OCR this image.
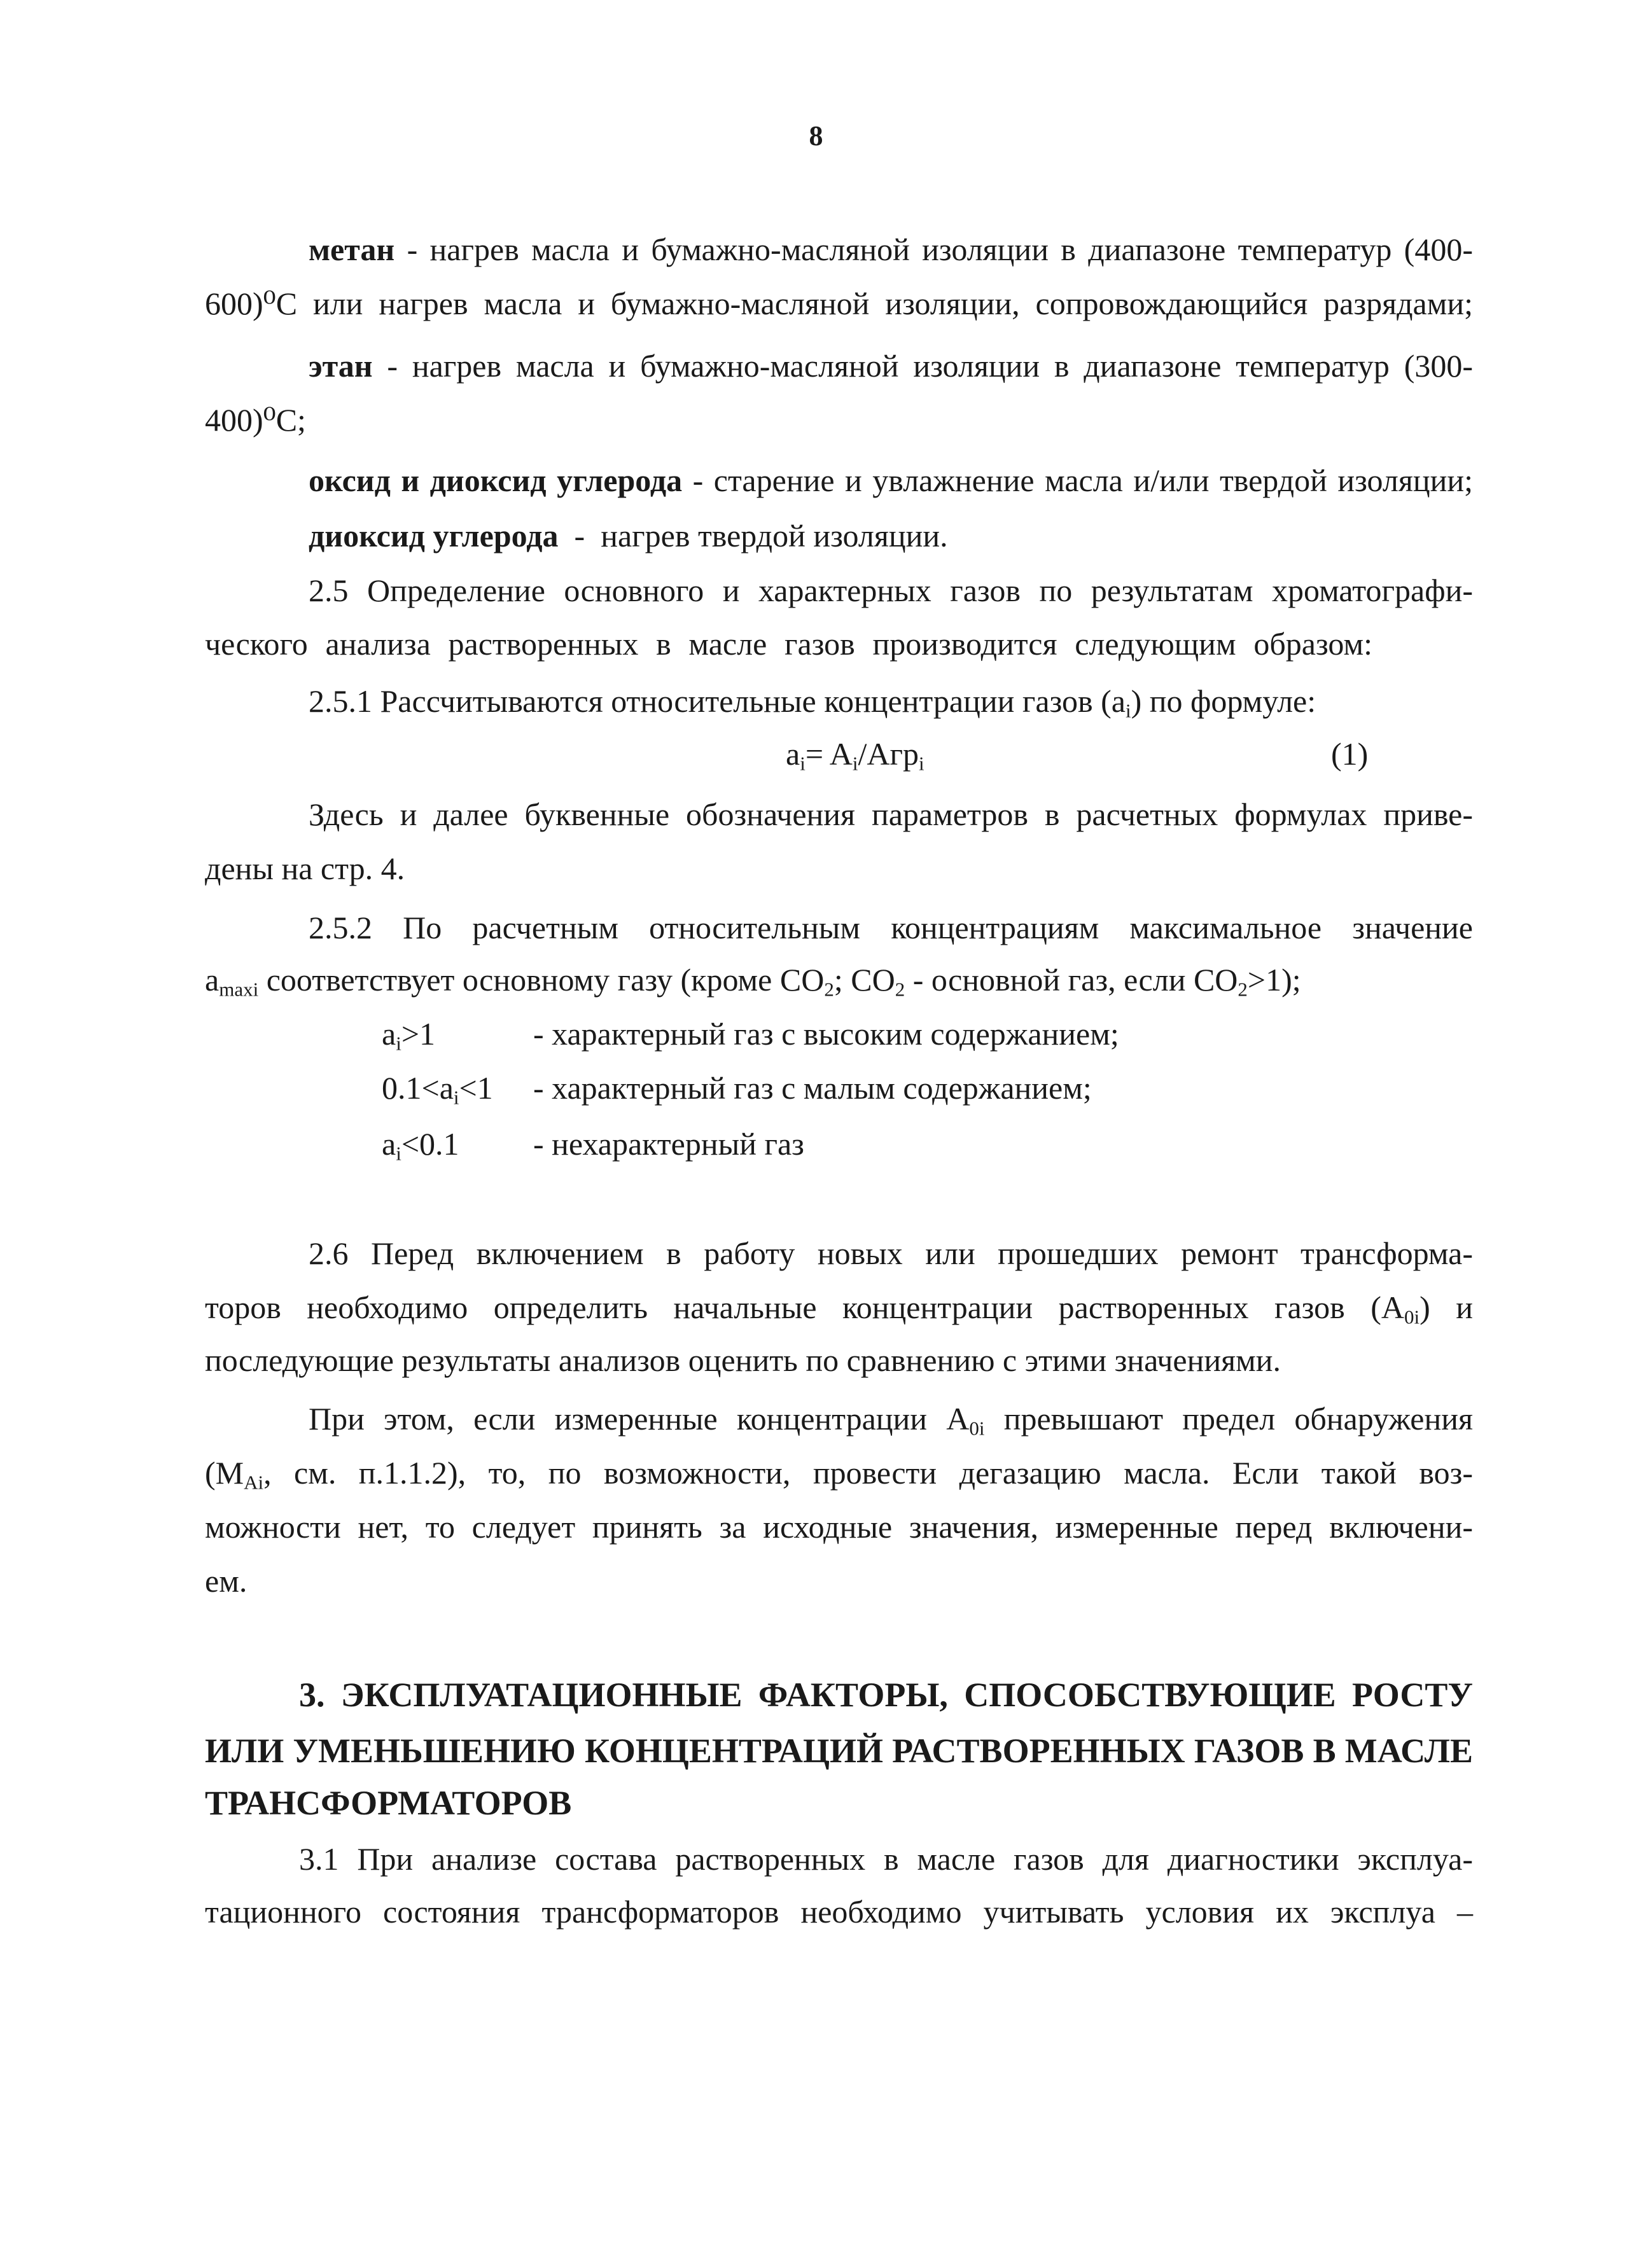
8
метан - нагрев масла и бумажно-масляной изоляции в диапазоне температур (400-
600)⁰С или нагрев масла и бумажно-масляной изоляции, сопровождающийся разрядами;
этан - нагрев масла и бумажно-масляной изоляции в диапазоне температур (300-
400)⁰С;
оксид и диоксид углерода - старение и увлажнение масла и/или твердой изоляции;
диоксид углерода  -  нагрев твердой изоляции.
2.5 Определение основного и характерных газов по результатам хроматографи-
ческого анализа растворенных в масле газов производится следующим образом:
2.5.1 Рассчитываются относительные концентрации газов $(a_i)$ по формуле:
$a_i= A_i/Агр_i$	(1)
Здесь и далее буквенные обозначения параметров в расчетных формулах приве-
дены на стр. 4.
2.5.2 По расчетным относительным концентрациям максимальное значение
$a_{maxi}$ соответствует основному газу (кроме $CO_2$; $CO_2$ - основной газ, если $CO_2>1$);
$a_i>1$	- характерный газ с высоким содержанием;
$0.1<a_i<1$ - характерный газ с малым содержанием;
$a_i<0.1$ - нехарактерный газ
2.6 Перед включением в работу новых или прошедших ремонт трансформа-
торов необходимо определить начальные концентрации растворенных газов $(A_{0i})$ и
последующие результаты анализов оценить по сравнению с этими значениями.
При этом, если измеренные концентрации $A_{0i}$ превышают предел обнаружения
($M_{Ai}$, см. п.1.1.2), то, по возможности, провести дегазацию масла. Если такой воз-
можности нет, то следует принять за исходные значения, измеренные перед включени-
ем.
3. ЭКСПЛУАТАЦИОННЫЕ ФАКТОРЫ, СПОСОБСТВУЮЩИЕ РОСТУ
ИЛИ УМЕНЬШЕНИЮ КОНЦЕНТРАЦИЙ РАСТВОРЕННЫХ ГАЗОВ В МАСЛЕ
ТРАНСФОРМАТОРОВ
3.1 При анализе состава растворенных в масле газов для диагностики эксплуа-
тационного состояния трансформаторов необходимо учитывать условия их эксплуа –
